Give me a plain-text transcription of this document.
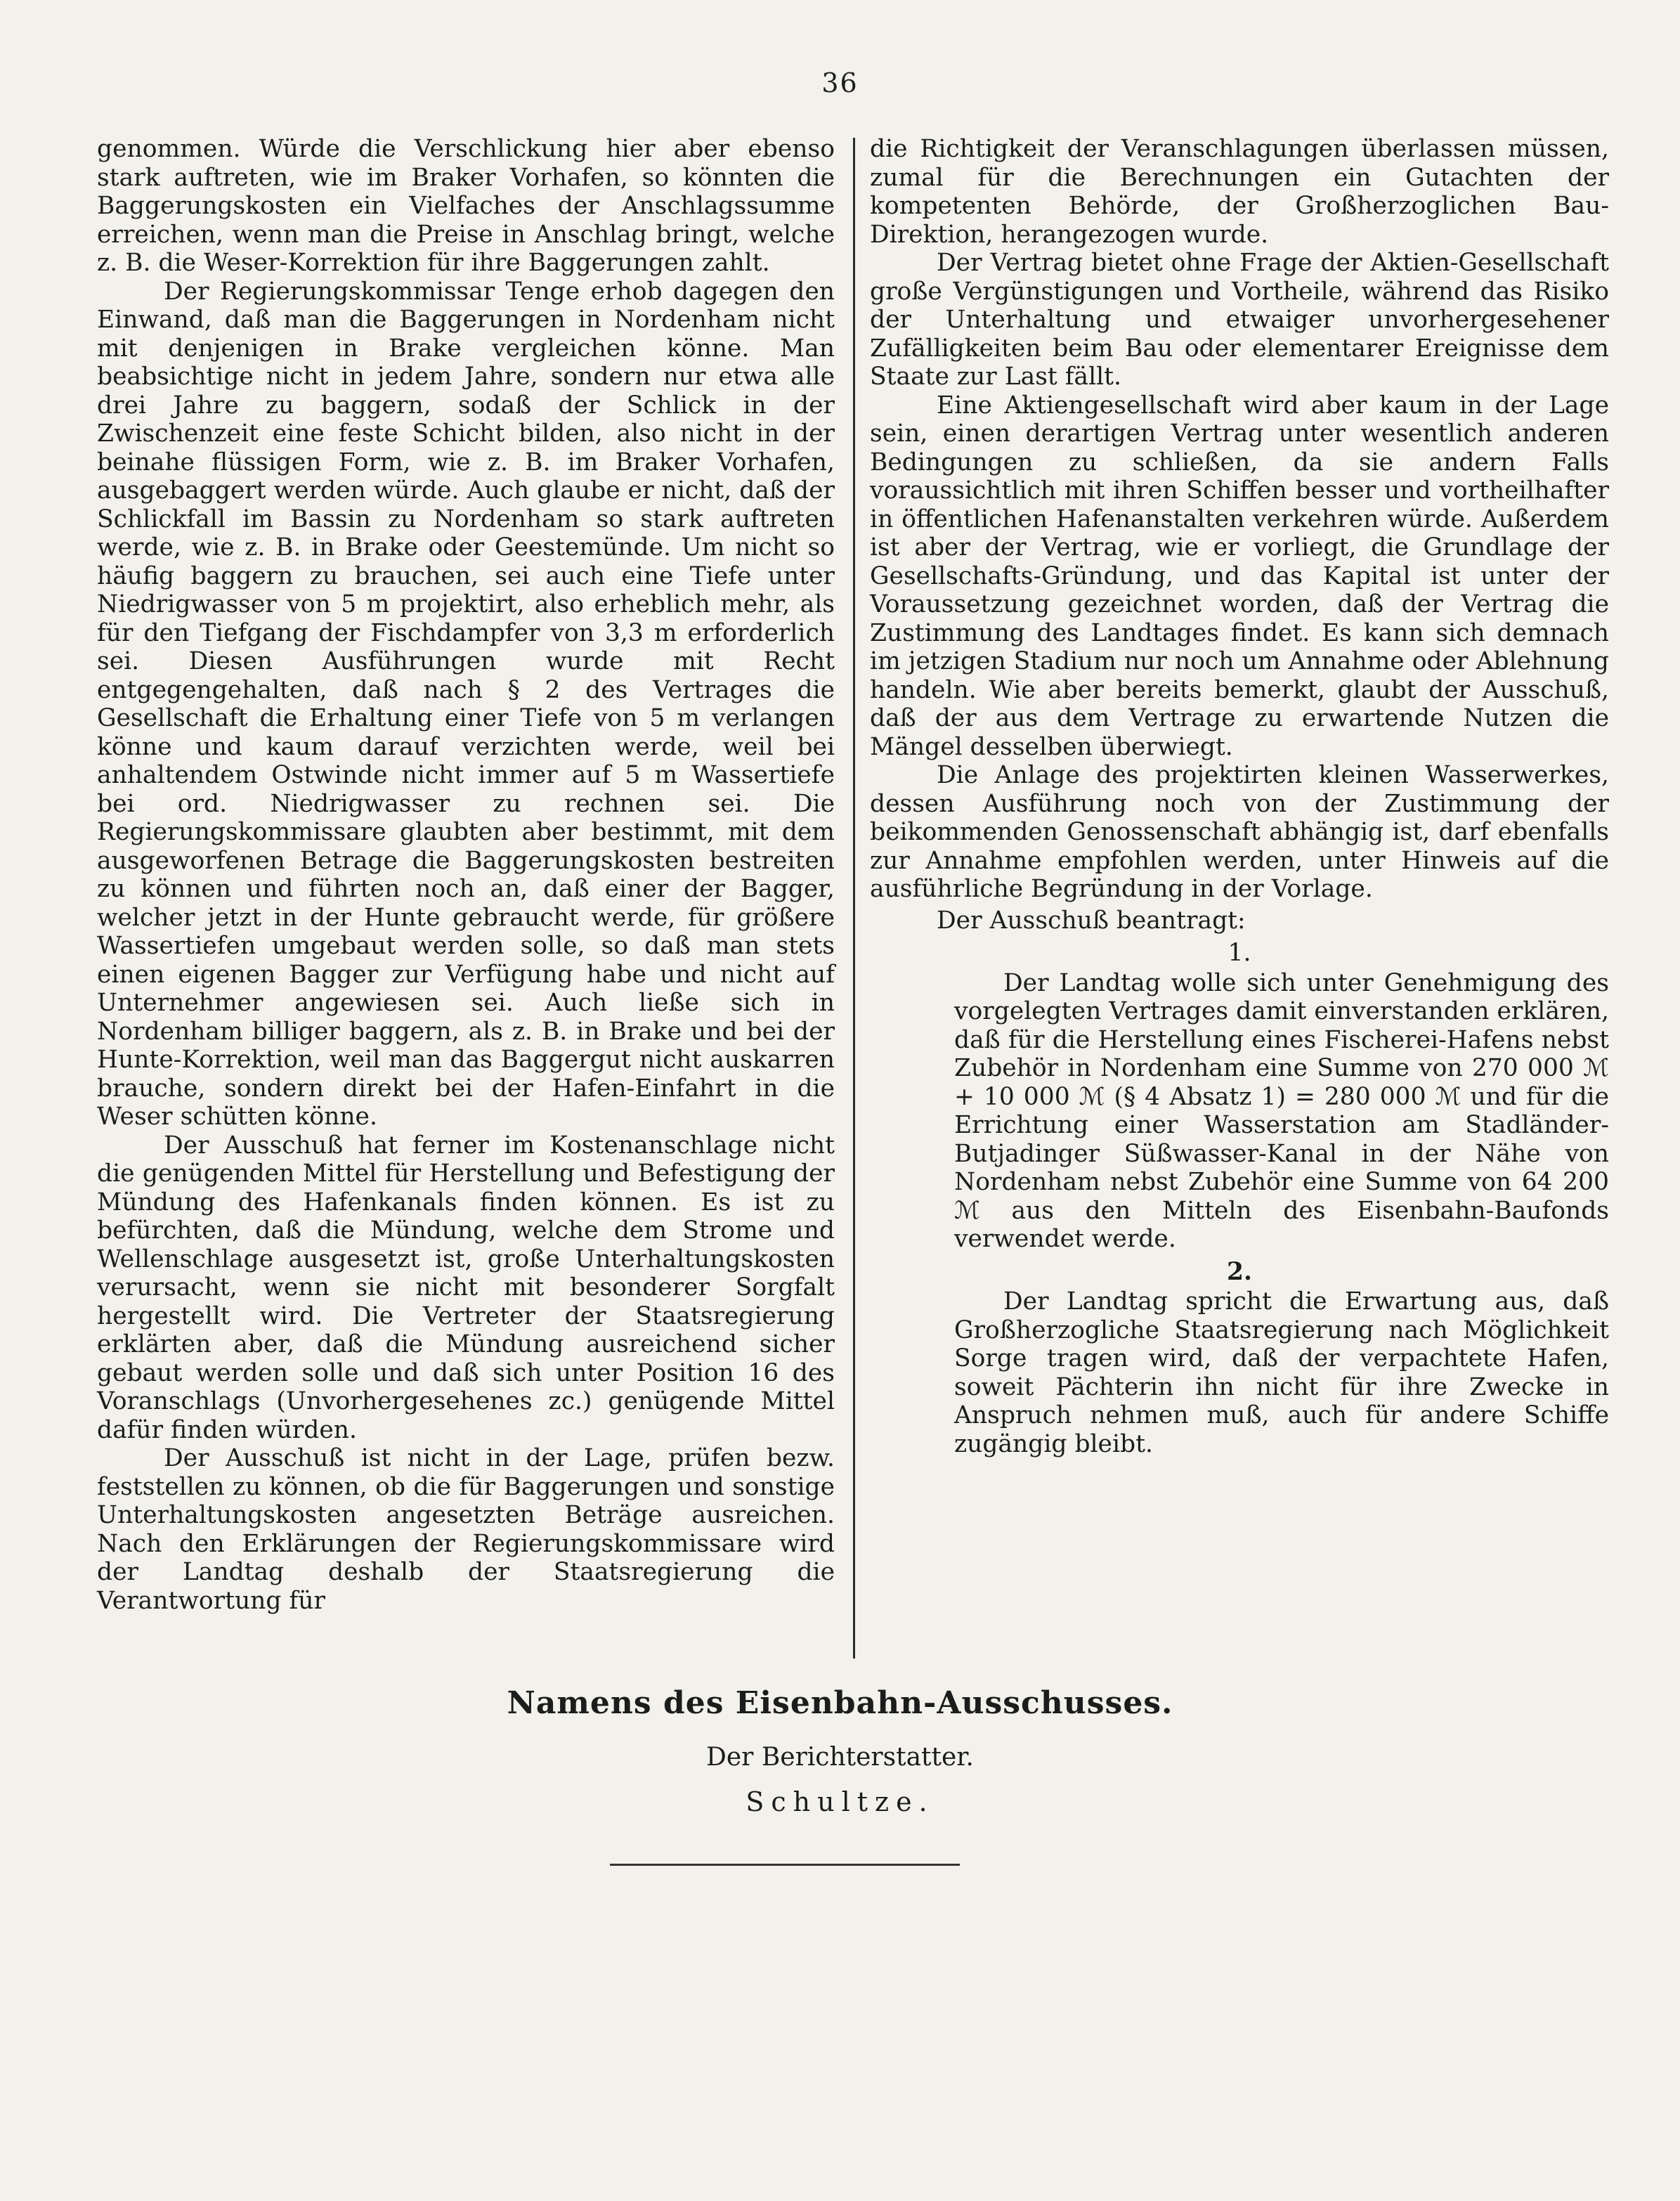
36

genommen. Würde die Verschlickung hier aber ebenso stark auftreten, wie im Braker Vorhafen, so könnten die Baggerungskosten ein Vielfaches der Anschlagssumme erreichen, wenn man die Preise in Anschlag bringt, welche z. B. die Weser-Korrektion für ihre Baggerungen zahlt.

Der Regierungskommissar Tenge erhob dagegen den Einwand, daß man die Baggerungen in Nordenham nicht mit denjenigen in Brake vergleichen könne. Man beabsichtige nicht in jedem Jahre, sondern nur etwa alle drei Jahre zu baggern, sodaß der Schlick in der Zwischenzeit eine feste Schicht bilden, also nicht in der beinahe flüssigen Form, wie z. B. im Braker Vorhafen, ausgebaggert werden würde. Auch glaube er nicht, daß der Schlickfall im Bassin zu Nordenham so stark auftreten werde, wie z. B. in Brake oder Geestemünde. Um nicht so häufig baggern zu brauchen, sei auch eine Tiefe unter Niedrigwasser von 5 m projektirt, also erheblich mehr, als für den Tiefgang der Fischdampfer von 3,3 m erforderlich sei. Diesen Ausführungen wurde mit Recht entgegengehalten, daß nach § 2 des Vertrages die Gesellschaft die Erhaltung einer Tiefe von 5 m verlangen könne und kaum darauf verzichten werde, weil bei anhaltendem Ostwinde nicht immer auf 5 m Wassertiefe bei ord. Niedrigwasser zu rechnen sei. Die Regierungskommissare glaubten aber bestimmt, mit dem ausgeworfenen Betrage die Baggerungskosten bestreiten zu können und führten noch an, daß einer der Bagger, welcher jetzt in der Hunte gebraucht werde, für größere Wassertiefen umgebaut werden solle, so daß man stets einen eigenen Bagger zur Verfügung habe und nicht auf Unternehmer angewiesen sei. Auch ließe sich in Nordenham billiger baggern, als z. B. in Brake und bei der Hunte-Korrektion, weil man das Baggergut nicht auskarren brauche, sondern direkt bei der Hafen-Einfahrt in die Weser schütten könne.

Der Ausschuß hat ferner im Kostenanschlage nicht die genügenden Mittel für Herstellung und Befestigung der Mündung des Hafenkanals finden können. Es ist zu befürchten, daß die Mündung, welche dem Strome und Wellenschlage ausgesetzt ist, große Unterhaltungskosten verursacht, wenn sie nicht mit besonderer Sorgfalt hergestellt wird. Die Vertreter der Staatsregierung erklärten aber, daß die Mündung ausreichend sicher gebaut werden solle und daß sich unter Position 16 des Voranschlags (Unvorhergesehenes zc.) genügende Mittel dafür finden würden.

Der Ausschuß ist nicht in der Lage, prüfen bezw. feststellen zu können, ob die für Baggerungen und sonstige Unterhaltungskosten angesetzten Beträge ausreichen. Nach den Erklärungen der Regierungskommissare wird der Landtag deshalb der Staatsregierung die Verantwortung für

die Richtigkeit der Veranschlagungen überlassen müssen, zumal für die Berechnungen ein Gutachten der kompetenten Behörde, der Großherzoglichen Bau-Direktion, herangezogen wurde.

Der Vertrag bietet ohne Frage der Aktien-Gesellschaft große Vergünstigungen und Vortheile, während das Risiko der Unterhaltung und etwaiger unvorhergesehener Zufälligkeiten beim Bau oder elementarer Ereignisse dem Staate zur Last fällt.

Eine Aktiengesellschaft wird aber kaum in der Lage sein, einen derartigen Vertrag unter wesentlich anderen Bedingungen zu schließen, da sie andern Falls voraussichtlich mit ihren Schiffen besser und vortheilhafter in öffentlichen Hafenanstalten verkehren würde. Außerdem ist aber der Vertrag, wie er vorliegt, die Grundlage der Gesellschafts-Gründung, und das Kapital ist unter der Voraussetzung gezeichnet worden, daß der Vertrag die Zustimmung des Landtages findet. Es kann sich demnach im jetzigen Stadium nur noch um Annahme oder Ablehnung handeln. Wie aber bereits bemerkt, glaubt der Ausschuß, daß der aus dem Vertrage zu erwartende Nutzen die Mängel desselben überwiegt.

Die Anlage des projektirten kleinen Wasserwerkes, dessen Ausführung noch von der Zustimmung der beikommenden Genossenschaft abhängig ist, darf ebenfalls zur Annahme empfohlen werden, unter Hinweis auf die ausführliche Begründung in der Vorlage.

Der Ausschuß beantragt:

1.

Der Landtag wolle sich unter Genehmigung des vorgelegten Vertrages damit einverstanden erklären, daß für die Herstellung eines Fischerei-Hafens nebst Zubehör in Nordenham eine Summe von 270 000 ℳ + 10 000 ℳ (§ 4 Absatz 1) = 280 000 ℳ und für die Errichtung einer Wasserstation am Stadländer-Butjadinger Süßwasser-Kanal in der Nähe von Nordenham nebst Zubehör eine Summe von 64 200 ℳ aus den Mitteln des Eisenbahn-Baufonds verwendet werde.

2.

Der Landtag spricht die Erwartung aus, daß Großherzogliche Staatsregierung nach Möglichkeit Sorge tragen wird, daß der verpachtete Hafen, soweit Pächterin ihn nicht für ihre Zwecke in Anspruch nehmen muß, auch für andere Schiffe zugängig bleibt.

Namens des Eisenbahn-Ausschusses.
Der Berichterstatter.
Schultze.
